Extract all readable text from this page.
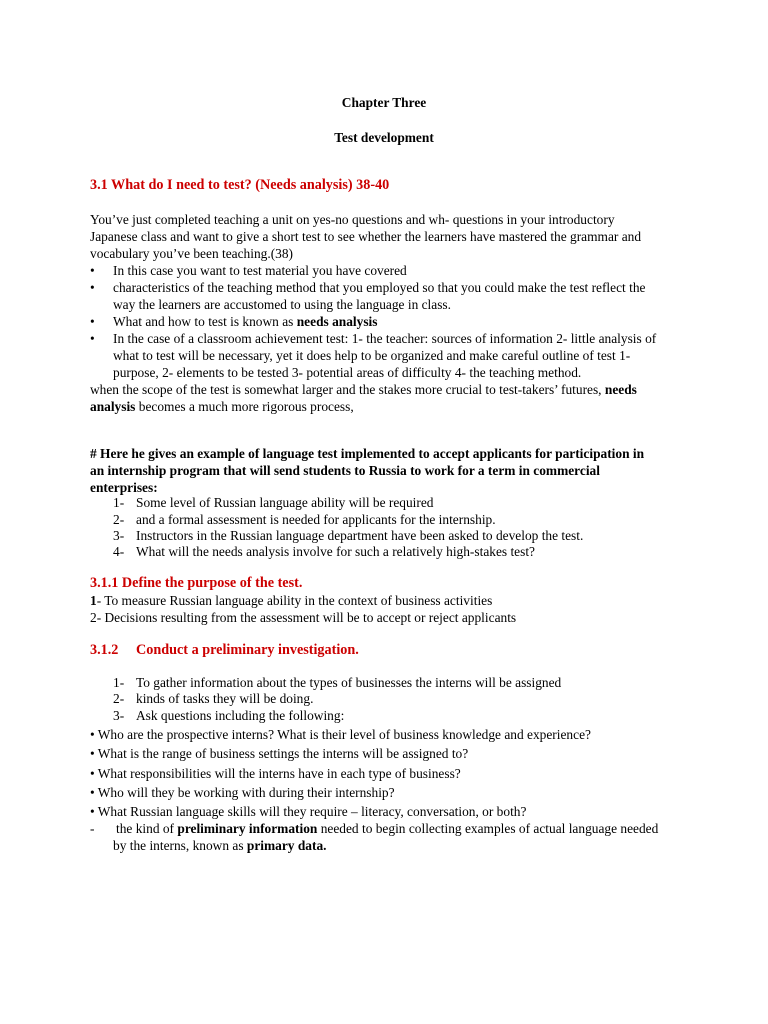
Chapter Three
Test development
3.1 What do I need to test? (Needs analysis) 38-40
You’ve just completed teaching a unit on yes-no questions and wh- questions in your introductory
Japanese class and want to give a short test to see whether the learners have mastered the grammar and
vocabulary you’ve been teaching.(38)
• In this case you want to test material you have covered
• characteristics of the teaching method that you employed so that you could make the test reflect the
way the learners are accustomed to using the language in class.
• What and how to test is known as needs analysis
• In the case of a classroom achievement test: 1- the teacher: sources of information 2- little analysis of
what to test will be necessary, yet it does help to be organized and make careful outline of test 1-
purpose, 2- elements to be tested 3- potential areas of difficulty 4- the teaching method.
when the scope of the test is somewhat larger and the stakes more crucial to test-takers’ futures, needs
analysis becomes a much more rigorous process,
# Here he gives an example of language test implemented to accept applicants for participation in
an internship program that will send students to Russia to work for a term in commercial
enterprises:
1- Some level of Russian language ability will be required
2- and a formal assessment is needed for applicants for the internship.
3- Instructors in the Russian language department have been asked to develop the test.
4- What will the needs analysis involve for such a relatively high-stakes test?
3.1.1 Define the purpose of the test.
1- To measure Russian language ability in the context of business activities
2- Decisions resulting from the assessment will be to accept or reject applicants
3.1.2 Conduct a preliminary investigation.
1- To gather information about the types of businesses the interns will be assigned
2- kinds of tasks they will be doing.
3- Ask questions including the following:
• Who are the prospective interns? What is their level of business knowledge and experience?
• What is the range of business settings the interns will be assigned to?
• What responsibilities will the interns have in each type of business?
• Who will they be working with during their internship?
• What Russian language skills will they require – literacy, conversation, or both?
- the kind of preliminary information needed to begin collecting examples of actual language needed
by the interns, known as primary data.
